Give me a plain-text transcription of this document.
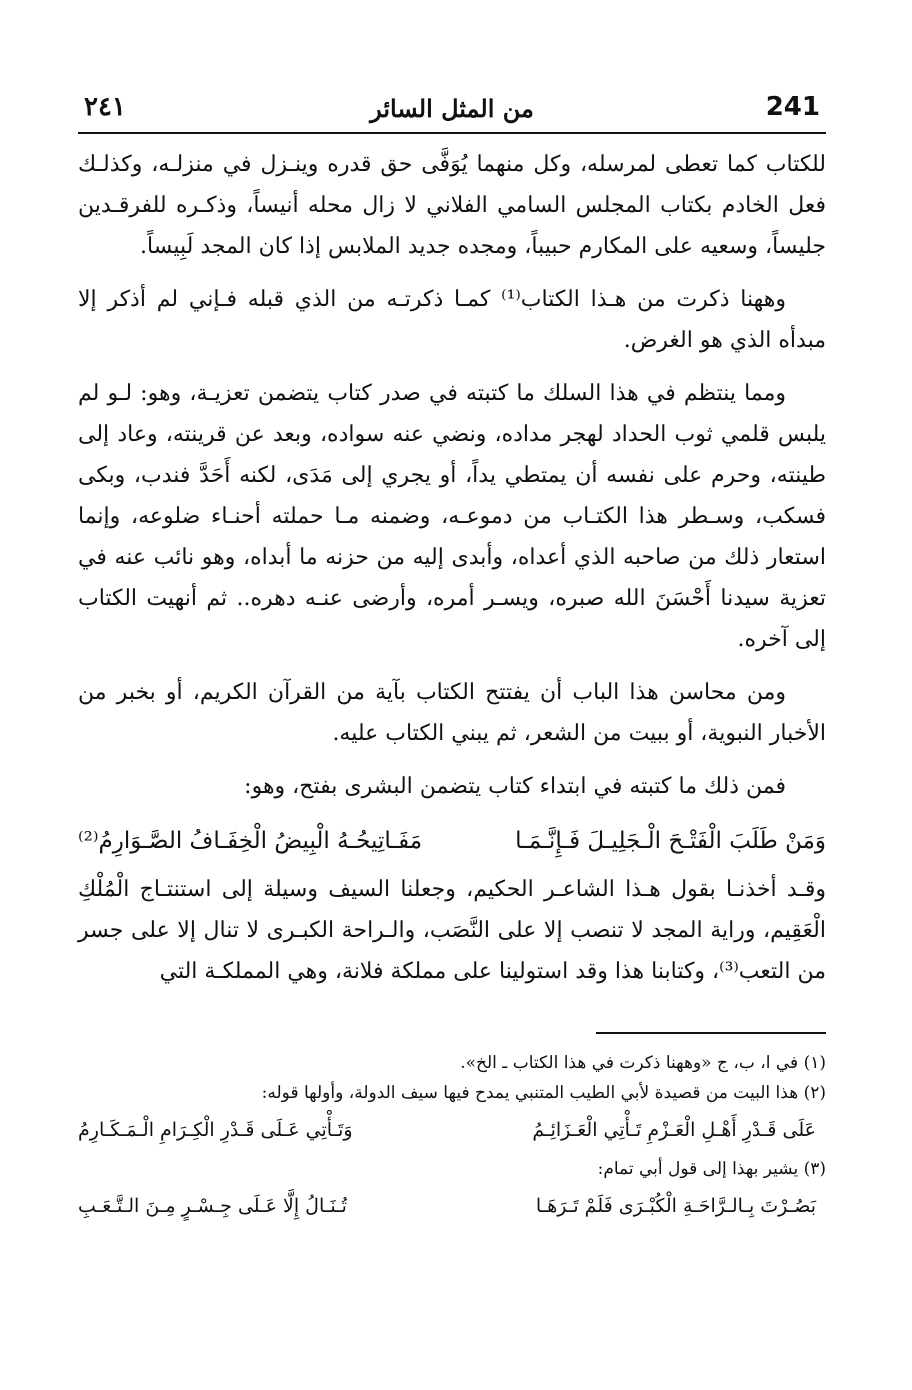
241
من المثل السائر
٢٤١

للكتاب كما تعطى لمرسله، وكل منهما يُوَفَّى حق قدره وينـزل في منزلـه، وكذلـك فعل الخادم بكتاب المجلس السامي الفلاني لا زال محله أنيساً، وذكـره للفرقـدين جليساً، وسعيه على المكارم حبيباً، ومجده جديد الملابس إذا كان المجد لَبِيساً.

وههنا ذكرت من هـذا الكتاب⁽¹⁾ كمـا ذكرتـه من الذي قبله فـإني لم أذكر إلا مبدأه الذي هو الغرض.

ومما ينتظم في هذا السلك ما كتبته في صدر كتاب يتضمن تعزيـة، وهو: لـو لم يلبس قلمي ثوب الحداد لهجر مداده، ونضي عنه سواده، وبعد عن قرينته، وعاد إلى طينته، وحرم على نفسه أن يمتطي يداً، أو يجري إلى مَدَى، لكنه أَحَدَّ فندب، وبكى فسكب، وسـطر هذا الكتـاب من دموعـه، وضمنه مـا حملته أحنـاء ضلوعه، وإنما استعار ذلك من صاحبه الذي أعداه، وأبدى إليه من حزنه ما أبداه، وهو نائب عنه في تعزية سيدنا أَحْسَنَ الله صبره، ويسـر أمره، وأرضى عنـه دهره.. ثم أنهيت الكتاب إلى آخره.

ومن محاسن هذا الباب أن يفتتح الكتاب بآية من القرآن الكريم، أو بخبر من الأخبار النبوية، أو ببيت من الشعر، ثم يبني الكتاب عليه.

فمن ذلك ما كتبته في ابتداء كتاب يتضمن البشرى بفتح، وهو:

وَمَنْ طَلَبَ الْفَتْـحَ الْـجَلِيـلَ فَـإِنَّـمَـا
مَفَـاتِيحُـهُ الْبِيضُ الْخِفَـافُ الصَّـوَارِمُ⁽²⁾

وقـد أخذنـا بقول هـذا الشاعـر الحكيم، وجعلنا السيف وسيلة إلى استنتـاج الْمُلْكِ الْعَقِيم، وراية المجد لا تنصب إلا على النَّصَب، والـراحة الكبـرى لا تنال إلا على جسر من التعب⁽³⁾، وكتابنا هذا وقد استولينا على مملكة فلانة، وهي المملكـة التي

(١) في ا، ب، ج «وههنا ذكرت في هذا الكتاب ـ الخ».

(٢) هذا البيت من قصيدة لأبي الطيب المتنبي يمدح فيها سيف الدولة، وأولها قوله:

عَلَى قَـدْرِ أَهْـلِ الْعَـزْمِ تَـأْتِي الْعَـزَائِـمُ
وَتَـأْتِي عَـلَى قَـدْرِ الْكِـرَامِ الْـمَـكَـارِمُ

(٣) يشير بهذا إلى قول أبي تمام:

بَصُـرْتَ بِـالـرَّاحَـةِ الْكُبْـرَى فَلَمْ تَـرَهَـا
تُـنَـالُ إِلَّا عَـلَى جِـسْـرٍ مِـنَ الـتَّـعَـبِ
